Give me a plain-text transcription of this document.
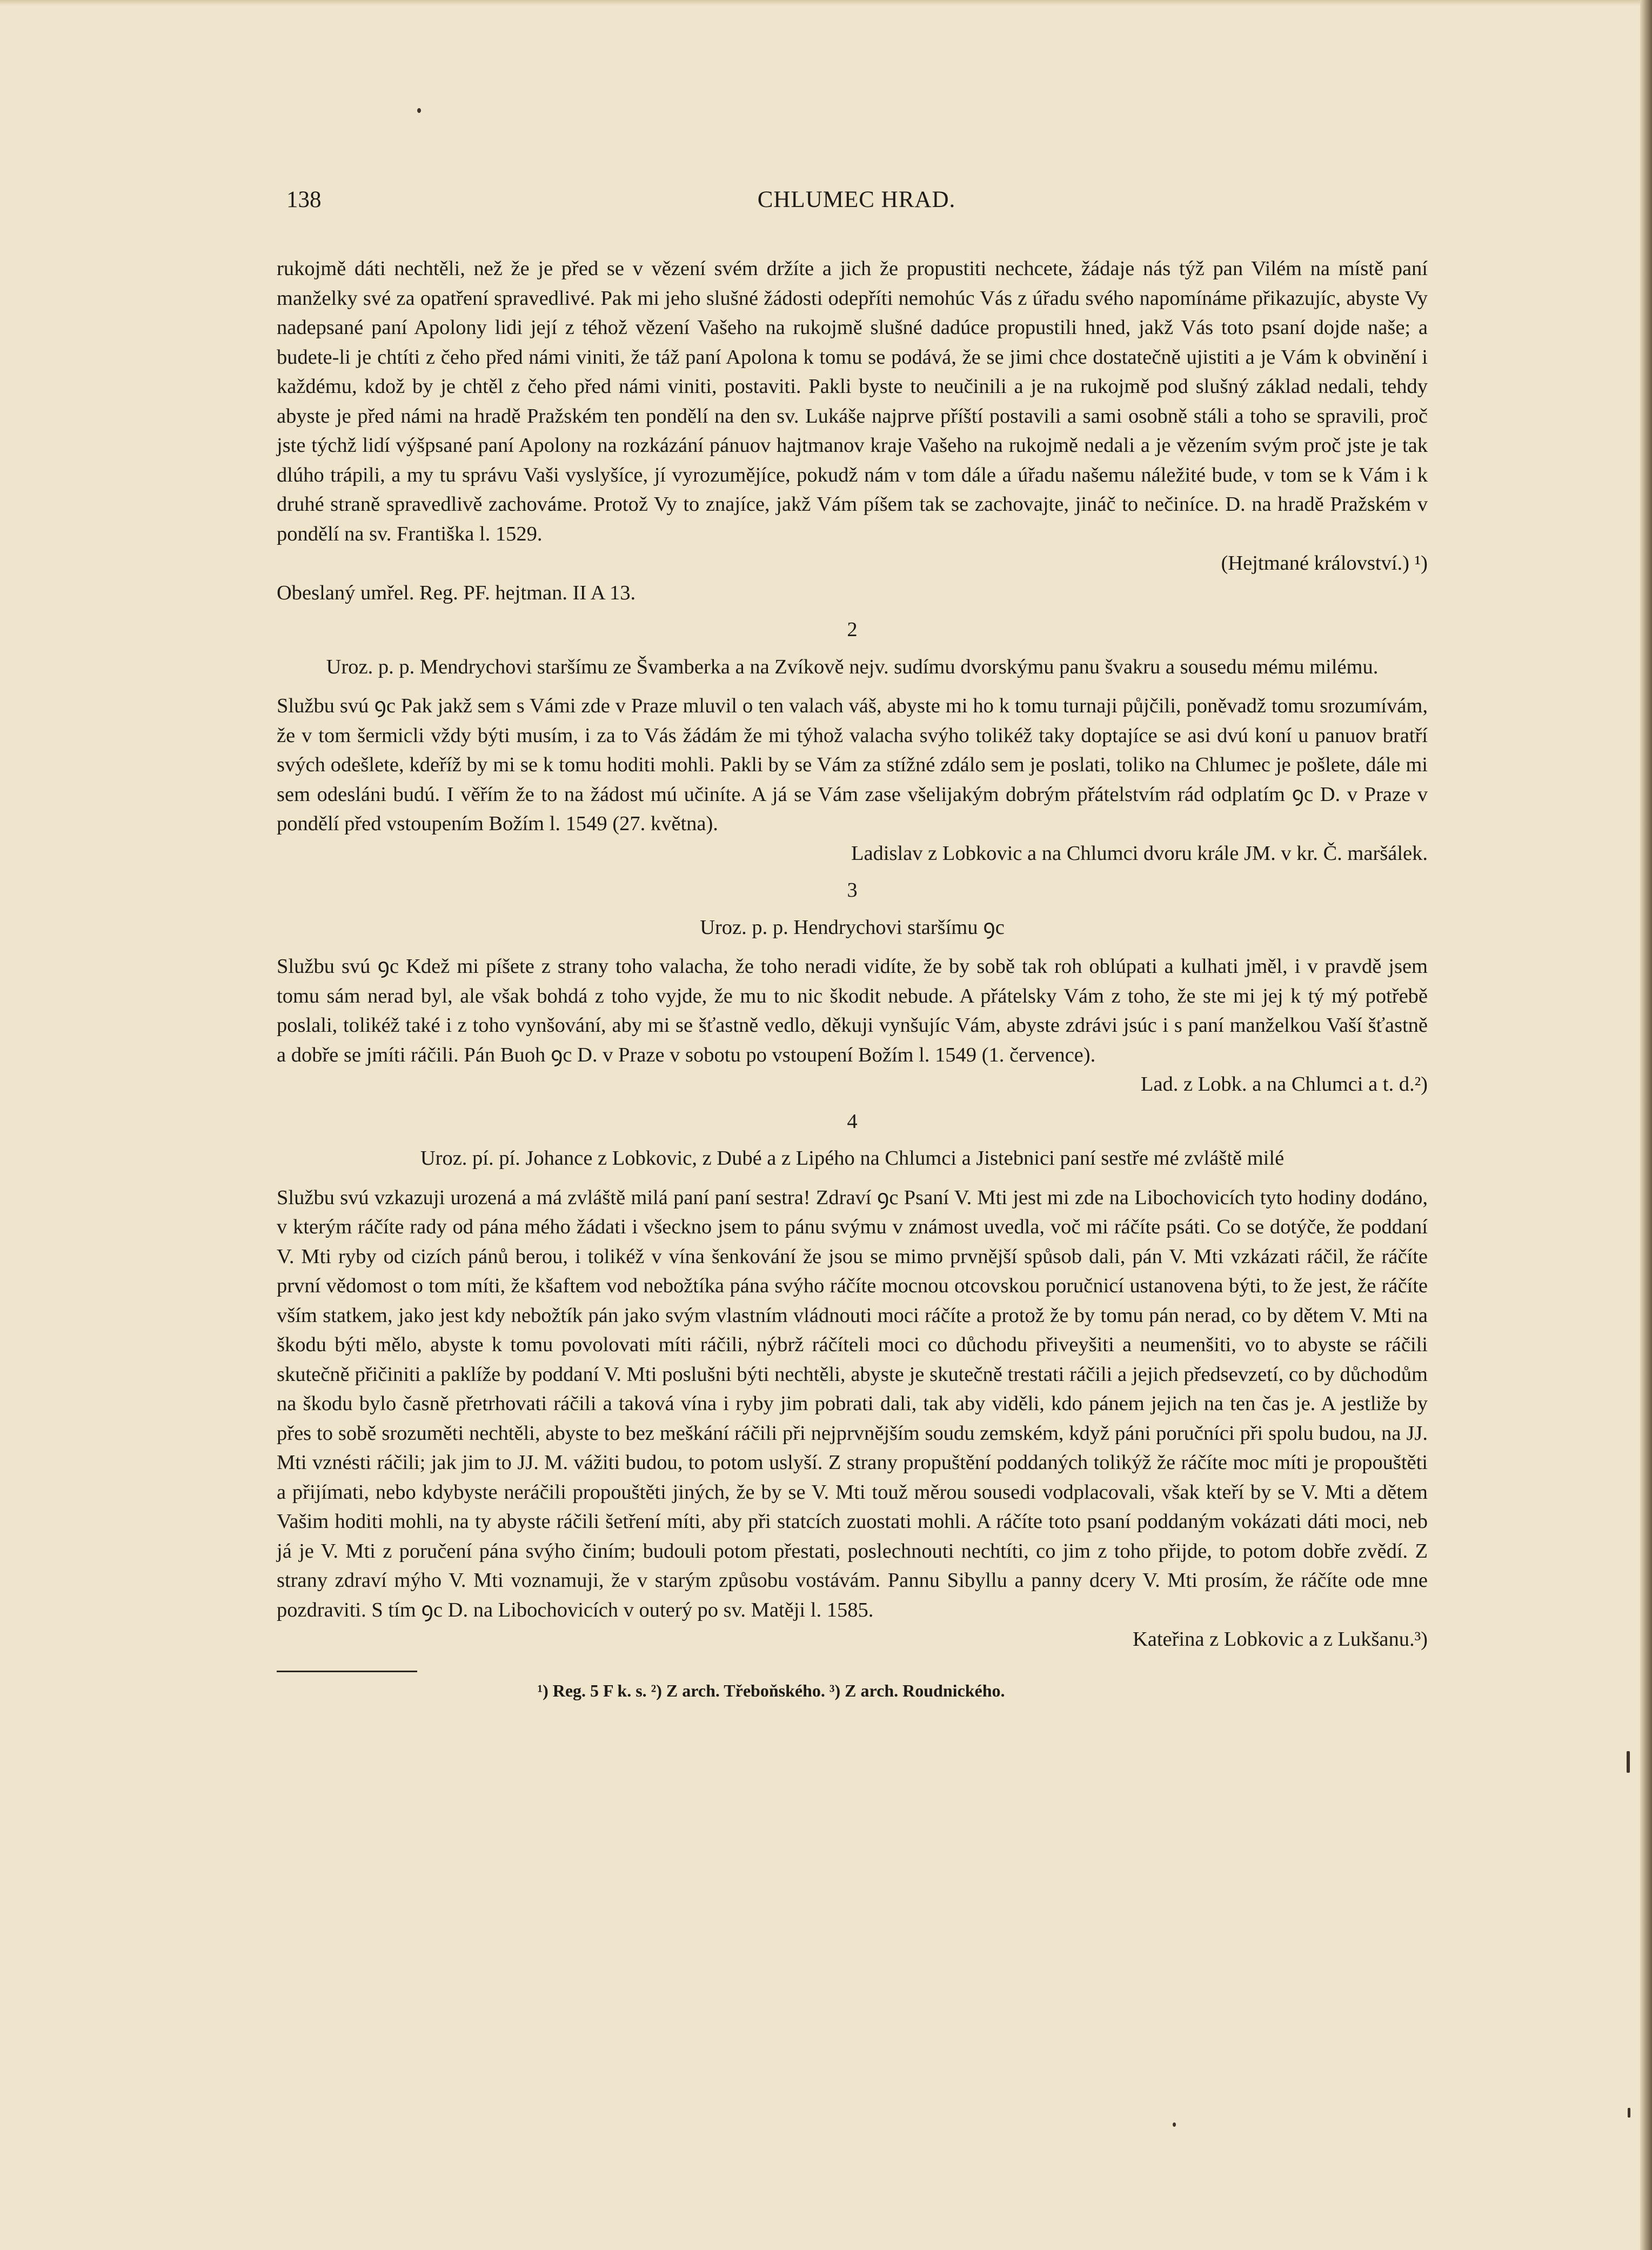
138	CHLUMEC HRAD.

rukojmě dáti nechtěli, než že je před se v vězení svém držíte a jich že propustiti nechcete, žádaje nás týž pan Vilém na místě paní manželky své za opatření spravedlivé. Pak mi jeho slušné žádosti odepříti nemohúc Vás z úřadu svého napomínáme přikazujíc, abyste Vy nadepsané paní Apolony lidi její z téhož vězení Vašeho na rukojmě slušné dadúce propustili hned, jakž Vás toto psaní dojde naše; a budete-li je chtíti z čeho před námi viniti, že táž paní Apolona k tomu se podává, že se jimi chce dostatečně ujistiti a je Vám k obvinění i každému, kdož by je chtěl z čeho před námi viniti, postaviti. Pakli byste to neučinili a je na rukojmě pod slušný základ nedali, tehdy abyste je před námi na hradě Pražském ten pondělí na den sv. Lukáše najprve příští postavili a sami osobně stáli a toho se spravili, proč jste týchž lidí výšpsané paní Apolony na rozkázání pánuov hajtmanov kraje Vašeho na rukojmě nedali a je vězením svým proč jste je tak dlúho trápili, a my tu správu Vaši vyslyšíce, jí vyrozumějíce, pokudž nám v tom dále a úřadu našemu náležité bude, v tom se k Vám i k druhé straně spravedlivě zachováme. Protož Vy to znajíce, jakž Vám píšem tak se zachovajte, jináč to nečiníce. D. na hradě Pražském v pondělí na sv. Františka l. 1529.

(Hejtmané království.) ¹)

Obeslaný umřel. Reg. PF. hejtman. II A 13.

2

Uroz. p. p. Mendrychovi staršímu ze Švamberka a na Zvíkově nejv. sudímu dvorskýmu panu švakru a sousedu mému milému.

Službu svú ꝯc Pak jakž sem s Vámi zde v Praze mluvil o ten valach váš, abyste mi ho k tomu turnaji půjčili, poněvadž tomu srozumívám, že v tom šermicli vždy býti musím, i za to Vás žádám že mi týhož valacha svýho tolikéž taky doptajíce se asi dvú koní u panuov bratří svých odešlete, kdeříž by mi se k tomu hoditi mohli. Pakli by se Vám za stížné zdálo sem je poslati, toliko na Chlumec je pošlete, dále mi sem odesláni budú. I věřím že to na žádost mú učiníte. A já se Vám zase všelijakým dobrým přátelstvím rád odplatím ꝯc D. v Praze v pondělí před vstoupením Božím l. 1549 (27. května).

Ladislav z Lobkovic a na Chlumci dvoru krále JM. v kr. Č. maršálek.

3

Uroz. p. p. Hendrychovi staršímu ꝯc

Službu svú ꝯc Kdež mi píšete z strany toho valacha, že toho neradi vidíte, že by sobě tak roh oblúpati a kulhati jměl, i v pravdě jsem tomu sám nerad byl, ale však bohdá z toho vyjde, že mu to nic škodit nebude. A přátelsky Vám z toho, že ste mi jej k tý mý potřebě poslali, tolikéž také i z toho vynšování, aby mi se šťastně vedlo, děkuji vynšujíc Vám, abyste zdrávi jsúc i s paní manželkou Vaší šťastně a dobře se jmíti ráčili. Pán Buoh ꝯc D. v Praze v sobotu po vstoupení Božím l. 1549 (1. července).

Lad. z Lobk. a na Chlumci a t. d.²)

4

Uroz. pí. pí. Johance z Lobkovic, z Dubé a z Lipého na Chlumci a Jistebnici paní sestře mé zvláště milé

Službu svú vzkazuji urozená a má zvláště milá paní paní sestra! Zdraví ꝯc Psaní V. Mti jest mi zde na Libochovicích tyto hodiny dodáno, v kterým ráčíte rady od pána mého žádati i všeckno jsem to pánu svýmu v známost uvedla, voč mi ráčíte psáti. Co se dotýče, že poddaní V. Mti ryby od cizích pánů berou, i tolikéž v vína šenkování že jsou se mimo prvnější spůsob dali, pán V. Mti vzkázati ráčil, že ráčíte první vědomost o tom míti, že kšaftem vod nebožtíka pána svýho ráčíte mocnou otcovskou poručnicí ustanovena býti, to že jest, že ráčíte vším statkem, jako jest kdy nebožtík pán jako svým vlastním vládnouti moci ráčíte a protož že by tomu pán nerad, co by dětem V. Mti na škodu býti mělo, abyste k tomu povolovati míti ráčili, nýbrž ráčíteli moci co důchodu přiveyšiti a neumenšiti, vo to abyste se ráčili skutečně přičiniti a paklíže by poddaní V. Mti poslušni býti nechtěli, abyste je skutečně trestati ráčili a jejich předsevzetí, co by důchodům na škodu bylo časně přetrhovati ráčili a taková vína i ryby jim pobrati dali, tak aby viděli, kdo pánem jejich na ten čas je. A jestliže by přes to sobě srozuměti nechtěli, abyste to bez meškání ráčili při nejprvnějším soudu zemském, když páni poručníci při spolu budou, na JJ. Mti vznésti ráčili; jak jim to JJ. M. vážiti budou, to potom uslyší. Z strany propuštění poddaných tolikýž že ráčíte moc míti je propouštěti a přijímati, nebo kdybyste neráčili propouštěti jiných, že by se V. Mti touž měrou sousedi vodplacovali, však kteří by se V. Mti a dětem Vašim hoditi mohli, na ty abyste ráčili šetření míti, aby při statcích zuostati mohli. A ráčíte toto psaní poddaným vokázati dáti moci, neb já je V. Mti z poručení pána svýho činím; budouli potom přestati, poslechnouti nechtíti, co jim z toho přijde, to potom dobře zvědí. Z strany zdraví mýho V. Mti voznamuji, že v starým způsobu vostávám. Pannu Sibyllu a panny dcery V. Mti prosím, že ráčíte ode mne pozdraviti. S tím ꝯc D. na Libochovicích v outerý po sv. Matěji l. 1585.

Kateřina z Lobkovic a z Lukšanu.³)

¹) Reg. 5 F k. s. ²) Z arch. Třeboňského. ³) Z arch. Roudnického.
